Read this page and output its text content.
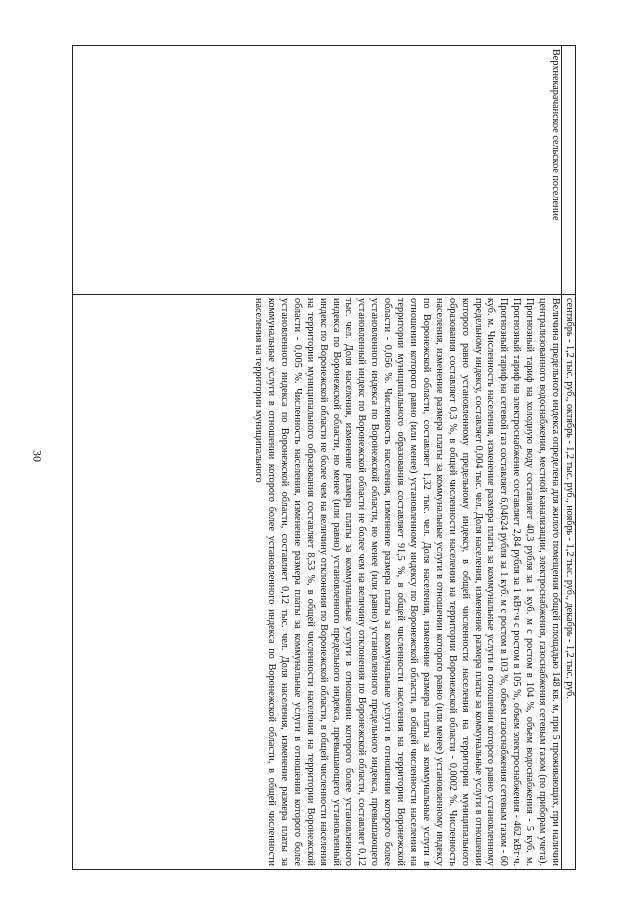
30
		сентябрь - 1,2 тыс. руб., октябрь - 1,2 тыс. руб., ноябрь - 1,2 тыс. руб., декабрь - 1,2 тыс. руб.
Верхнекарачанское сельское поселение	Величина предельного индекса определена для жилого помещения общей площадью 148 кв. м, при 5 проживающих, при наличии централизованного водоснабжения, местной канализации, электроснабжения, газоснабжения сетевым газом (по приборам учета). Прогнозный тариф на холодную воду составляет 40,3 рубля за 1 куб. м с ростом в 104 %, объем водоснабжения - 5 куб. м. Прогнозный тариф на электроснабжение составляет 2,84 рубля за 1 кВт·ч с ростом в 105 %, объем электроснабжения - 462 кВт·ч. Прогнозный тариф на сетевой газ составляет 6,04624 рубля за 1 куб. м с ростом в 103 %, объем газоснабжения сетевым газом - 60 куб. м. Численность населения, изменение размера платы за коммунальные услуги в отношении которого равно установленному предельному индексу, составляет 0,004 тыс. чел. Доля населения, изменение размера платы за коммунальные услуги в отношении которого равно установленному предельному индексу, в общей численности населения на территории муниципального образования составляет 0,3 %, в общей численности населения на территории Воронежской области - 0,0002 %. Численность населения, изменение размера платы за коммунальные услуги в отношении которого равно (или менее) установленному индексу по Воронежской области, составляет 1,32 тыс. чел. Доля населения, изменение размера платы за коммунальные услуги в отношении которого равно (или менее) установленному индексу по Воронежской области, в общей численности населения на территории муниципального образования составляет 91,5 %, в общей численности населения на территории Воронежской области - 0,056 %. Численность населения, изменение размера платы за коммунальные услуги в отношении которого более установленного индекса по Воронежской области, но менее (или равно) установленного предельного индекса, превышающего установленный индекс по Воронежской области не более чем на величину отклонения по Воронежской области, составляет 0,12 тыс. чел. Доля населения, изменение размера платы за коммунальные услуги в отношении которого более установленного индекса по Воронежской области, но менее (или равно) установленного предельного индекса, превышающего установленный индекс по Воронежской области не более чем на величину отклонения по Воронежской области, в общей численности населения на территории муниципального образования составляет 8,53 %, в общей численности населения на территории Воронежской области - 0,005 %. Численность населения, изменение размера платы за коммунальные услуги в отношении которого более установленного индекса по Воронежской области, составляет 0,12 тыс. чел. Доля населения, изменение размера платы за коммунальные услуги в отношении которого более установленного индекса по Воронежской области, в общей численности населения на территории муниципального
